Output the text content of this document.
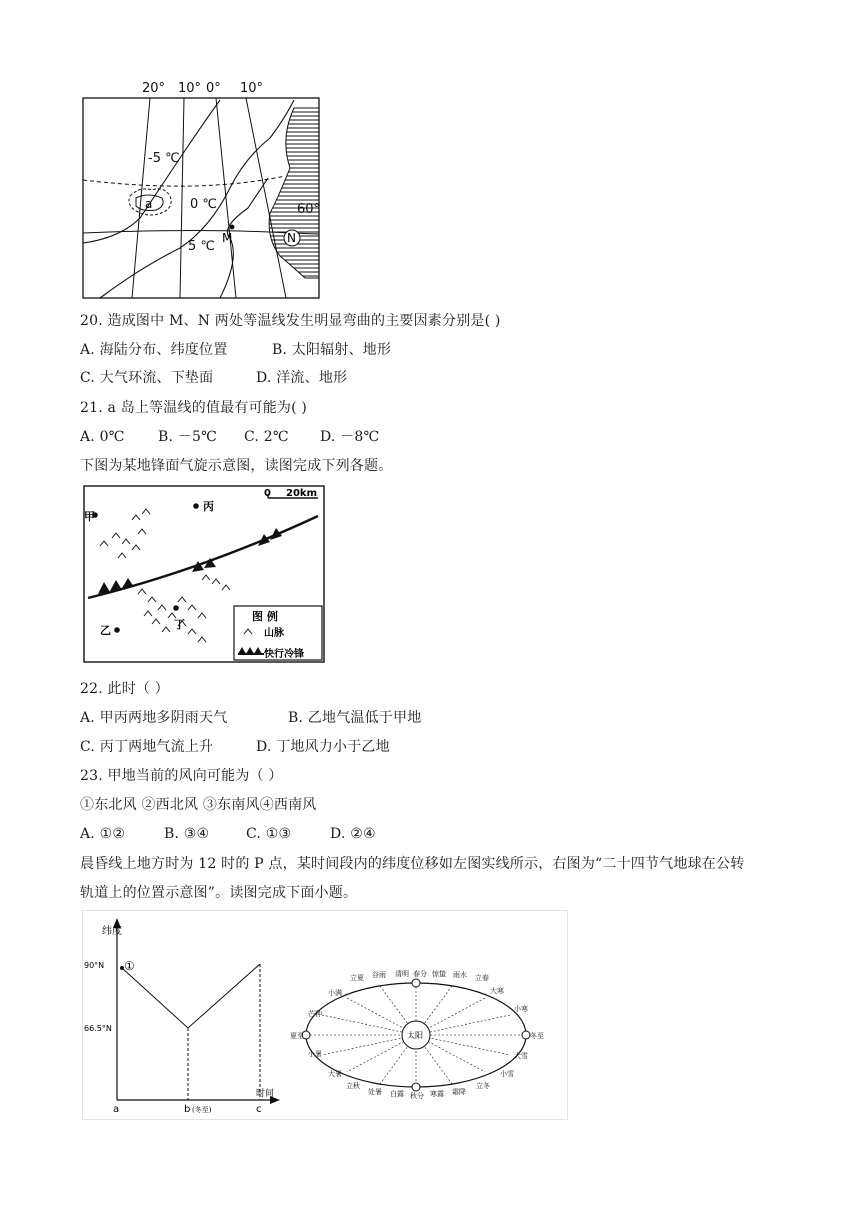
20° 10° 0° 10°
a
-5 ℃
0 ℃
5 ℃
60°
M	N
20. 造成图中 M、N 两处等温线发生明显弯曲的主要因素分别是( )
A. 海陆分布、纬度位置	B. 太阳辐射、地形
C. 大气环流、下垫面	D. 洋流、地形
21. a 岛上等温线的值最有可能为( )
A. 0℃ B. －5℃ C. 2℃ D. －8℃
下图为某地锋面气旋示意图，读图完成下列各题。
0 20km
甲
丙
乙	丁
图 例
山脉
快行冷锋
22. 此时（ ）
A. 甲丙两地多阴雨天气	B. 乙地气温低于甲地
C. 丙丁两地气流上升	D. 丁地风力小于乙地
23. 甲地当前的风向可能为（ ）
①东北风 ②西北风 ③东南风④西南风
A. ①②	B. ③④	C. ①③	D. ②④
晨昏线上地方时为 12 时的 P 点，某时间段内的纬度位移如左图实线所示，右图为“二十四节气地球在公转
轨道上的位置示意图”。读图完成下面小题。
纬度
90°N
66.5°N
时间
a	b (冬至)	c
①
太阳
立夏 谷雨 清明 春分 惊蛰 雨水 立春
大寒
小寒
冬至
大雪
小雪
立冬
霜降
寒露
秋分
白露
处暑
立秋
大暑
小暑
夏至
芒种
小满
